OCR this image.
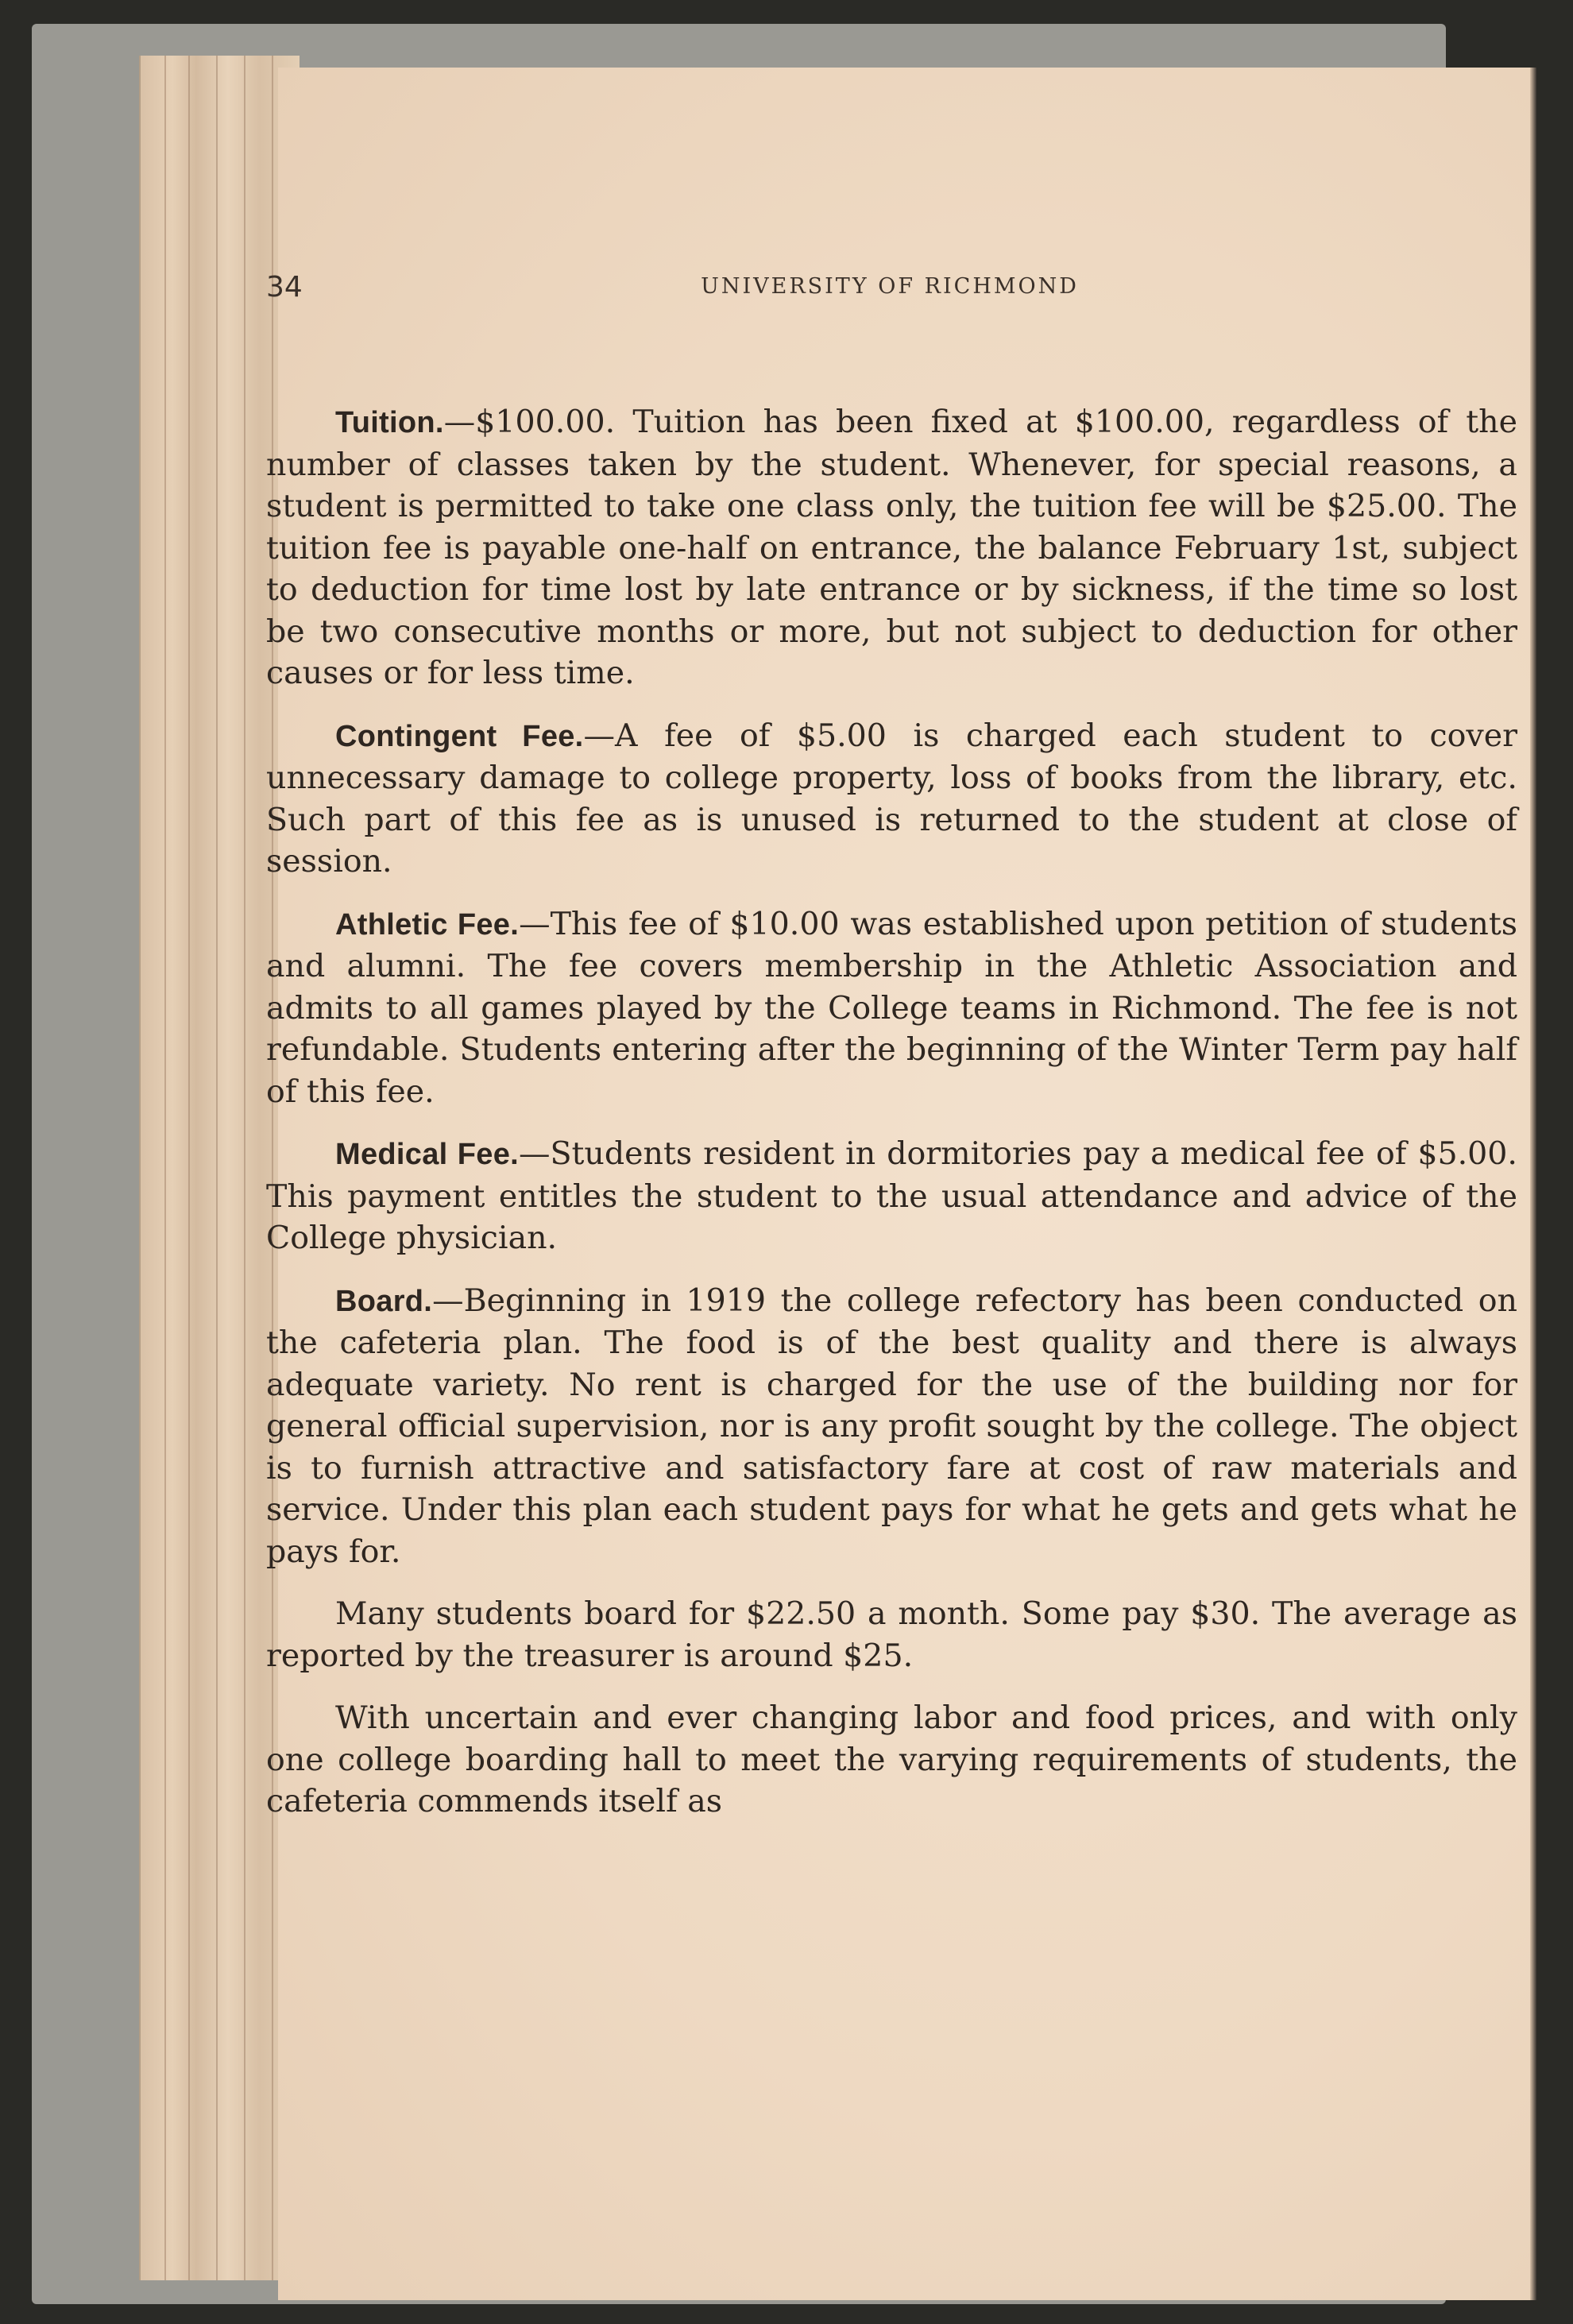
34	UNIVERSITY OF RICHMOND

Tuition.—$100.00. Tuition has been fixed at $100.00, regardless of the number of classes taken by the student. Whenever, for special reasons, a student is permitted to take one class only, the tuition fee will be $25.00. The tuition fee is payable one-half on entrance, the balance February 1st, subject to deduction for time lost by late entrance or by sickness, if the time so lost be two consecutive months or more, but not subject to deduction for other causes or for less time.

Contingent Fee.—A fee of $5.00 is charged each student to cover unnecessary damage to college property, loss of books from the library, etc. Such part of this fee as is unused is returned to the student at close of session.

Athletic Fee.—This fee of $10.00 was established upon petition of students and alumni. The fee covers membership in the Athletic Association and admits to all games played by the College teams in Richmond. The fee is not refundable. Students entering after the beginning of the Winter Term pay half of this fee.

Medical Fee.—Students resident in dormitories pay a medical fee of $5.00. This payment entitles the student to the usual attendance and advice of the College physician.

Board.—Beginning in 1919 the college refectory has been conducted on the cafeteria plan. The food is of the best quality and there is always adequate variety. No rent is charged for the use of the building nor for general official supervision, nor is any profit sought by the college. The object is to furnish attractive and satisfactory fare at cost of raw materials and service. Under this plan each student pays for what he gets and gets what he pays for.

Many students board for $22.50 a month. Some pay $30. The average as reported by the treasurer is around $25.

With uncertain and ever changing labor and food prices, and with only one college boarding hall to meet the varying requirements of students, the cafeteria commends itself as
